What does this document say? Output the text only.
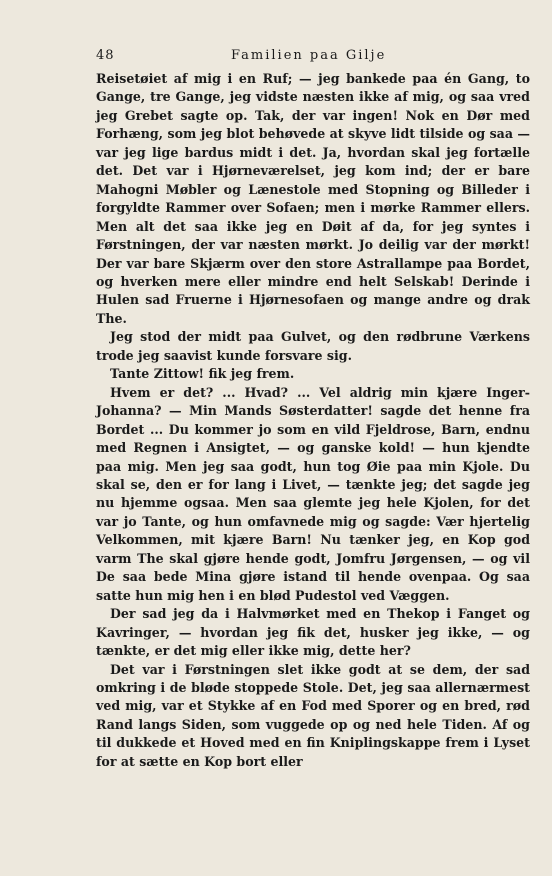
48	Familien paa Gilje

Reisetøiet af mig i en Ruf; — jeg bankede paa én Gang, to Gange, tre Gange, jeg vidste næsten ikke af mig, og saa vred jeg Grebet sagte op. Tak, der var ingen! Nok en Dør med Forhæng, som jeg blot behøvede at skyve lidt tilside og saa — var jeg lige bardus midt i det. Ja, hvordan skal jeg fortælle det. Det var i Hjørneværelset, jeg kom ind; der er bare Mahogni Møbler og Lænestole med Stopning og Billeder i forgyldte Rammer over Sofaen; men i mørke Rammer ellers. Men alt det saa ikke jeg en Døit af da, for jeg syntes i Førstningen, der var næsten mørkt. Jo deilig var der mørkt! Der var bare Skjærm over den store Astrallampe paa Bordet, og hverken mere eller mindre end helt Selskab! Derinde i Hulen sad Fruerne i Hjørnesofaen og mange andre og drak The.

Jeg stod der midt paa Gulvet, og den rødbrune Værkens trode jeg saavist kunde forsvare sig.

Tante Zittow! fik jeg frem.

Hvem er det? ... Hvad? ... Vel aldrig min kjære Inger-Johanna? — Min Mands Søsterdatter! sagde det henne fra Bordet ... Du kommer jo som en vild Fjeldrose, Barn, endnu med Regnen i Ansigtet, — og ganske kold! — hun kjendte paa mig. Men jeg saa godt, hun tog Øie paa min Kjole. Du skal se, den er for lang i Livet, — tænkte jeg; det sagde jeg nu hjemme ogsaa. Men saa glemte jeg hele Kjolen, for det var jo Tante, og hun omfavnede mig og sagde: Vær hjertelig Velkommen, mit kjære Barn! Nu tænker jeg, en Kop god varm The skal gjøre hende godt, Jomfru Jørgensen, — og vil De saa bede Mina gjøre istand til hende ovenpaa. Og saa satte hun mig hen i en blød Pudestol ved Væggen.

Der sad jeg da i Halvmørket med en Thekop i Fanget og Kavringer, — hvordan jeg fik det, husker jeg ikke, — og tænkte, er det mig eller ikke mig, dette her?

Det var i Førstningen slet ikke godt at se dem, der sad omkring i de bløde stoppede Stole. Det, jeg saa allernærmest ved mig, var et Stykke af en Fod med Sporer og en bred, rød Rand langs Siden, som vuggede op og ned hele Tiden. Af og til dukkede et Hoved med en fin Kniplingskappe frem i Lyset for at sætte en Kop bort eller
